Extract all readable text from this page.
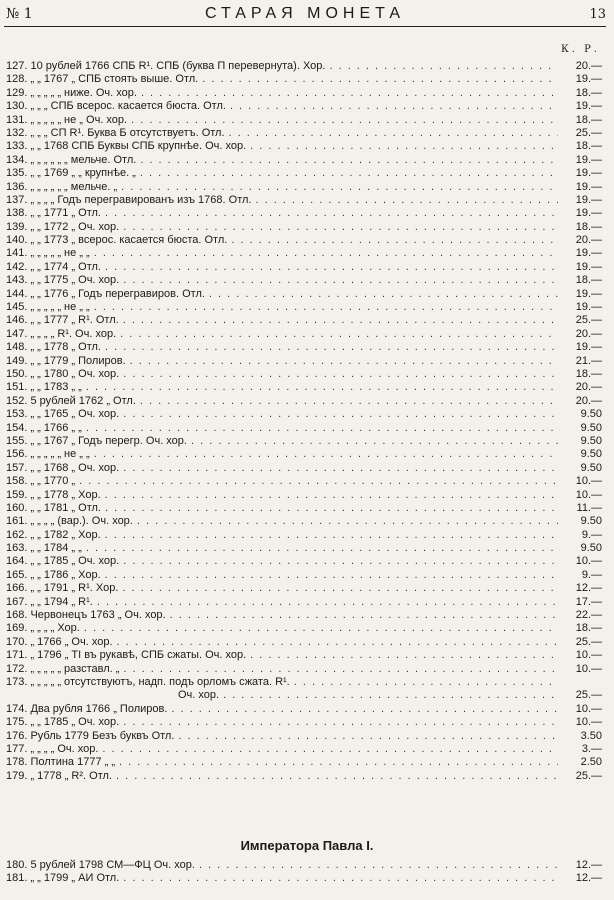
№ 1	СТАРАЯ МОНЕТА	13
К. Р.
127. 10 рублей 1766 СПБ R¹. СПБ (буква П перевернута). Хор. . . .	20.—
128. „ „ 1767 „ СПБ стоять выше. Отл. . . .	19.—
129. „ „ „ „ „ ниже. Оч. хор. . . .	18.—
130. „ „ „ СПБ всерос. касается бюста. Отл. . . .	19.—
131. „ „ „ „ „ не „ Оч. хор. . . .	18.—
132. „ „ „ СП R¹. Буква Б отсутствуетъ. Отл. . . .	25.—
133. „ „ 1768 СПБ Буквы СПБ крупнѣе. Оч. хор. . . .	18.—
134. „ „ „ „ „ „ мельче. Отл. . . .	19.—
135. „ „ 1769 „ „ крупнѣе. „ . . .	19.—
136. „ „ „ „ „ „ мельче. „ . . .	19.—
137. „ „ „ „ Годъ перегравированъ изъ 1768. Отл. . . .	19.—
138. „ „ 1771 „ Отл. . . .	19.—
139. „ „ 1772 „ Оч. хор. . . .	18.—
140. „ „ 1773 „ всерос. касается бюста. Отл. . . .	20.—
141. „ „ „ „ „ не „ „ . . .	19.—
142. „ „ 1774 „ Отл. . . .	19.—
143. „ „ 1775 „ Оч. хор. . . .	18.—
144. „ „ 1776 „ Годъ перегравиров. Отл. . . .	19.—
145. „ „ „ „ „ не „ „ . . .	19.—
146. „ „ 1777 „ R¹. Отл. . . .	25.—
147. „ „ „ „ R¹. Оч. хор. . . .	20.—
148. „ „ 1778 „ Отл. . . .	19.—
149. „ „ 1779 „ Полиров. . . .	21.—
150. „ „ 1780 „ Оч. хор. . . .	18.—
151. „ „ 1783 „ „ . . .	20.—
152. 5 рублей 1762 „ Отл. . . .	20.—
153. „ „ 1765 „ Оч. хор. . . .	9.50
154. „ „ 1766 „ „ . . .	9.50
155. „ „ 1767 „ Годъ перегр. Оч. хор. . . .	9.50
156. „ „ „ „ „ не „ „ . . .	9.50
157. „ „ 1768 „ Оч. хор. . . .	9.50
158. „ „ 1770 „ . . .	10.—
159. „ „ 1778 „ Хор. . . .	10.—
160. „ „ 1781 „ Отл. . . .	11.—
161. „ „ „ „ (вар.). Оч. хор. . . .	9.50
162. „ „ 1782 „ Хор. . . .	9.—
163. „ „ 1784 „ „ . . .	9.50
164. „ „ 1785 „ Оч. хор. . . .	10.—
165. „ „ 1786 „ Хор. . . .	9.—
166. „ „ 1791 „ R¹. Хор. . . .	12.—
167. „ „ 1794 „ R¹. . . .	17.—
168. Червонецъ 1763 „ Оч. хор. . . .	22.—
169. „ „ „ „ Хор. . . .	18.—
170. „ 1766 „ Оч. хор. . . .	25.—
171. „ 1796 „ ТI въ рукавѣ, СПБ сжаты. Оч. хор. . . .	10.—
172. „ „ „ „ „ разставл. „ . . .	10.—
173. „ „ „ „ „ отсутствуютъ, надп. подъ орломъ сжата. R¹. . . .
Оч. хор. . . .	25.—
174. Два рубля 1766 „ Полиров. . . .	10.—
175. „ „ 1785 „ Оч. хор. . . .	10.—
176. Рубль 1779 Безъ буквъ Отл. . . .	3.50
177. „ „ „ „ Оч. хор. . . .	3.—
178. Полтина 1777 „ „ . . .	2.50
179. „ 1778 „ R². Отл. . . .	25.—
Императора Павла I.
180. 5 рублей 1798 СМ—ФЦ Оч. хор. . . .	12.—
181. „ „ 1799 „ АИ Отл. . . .	12.—
